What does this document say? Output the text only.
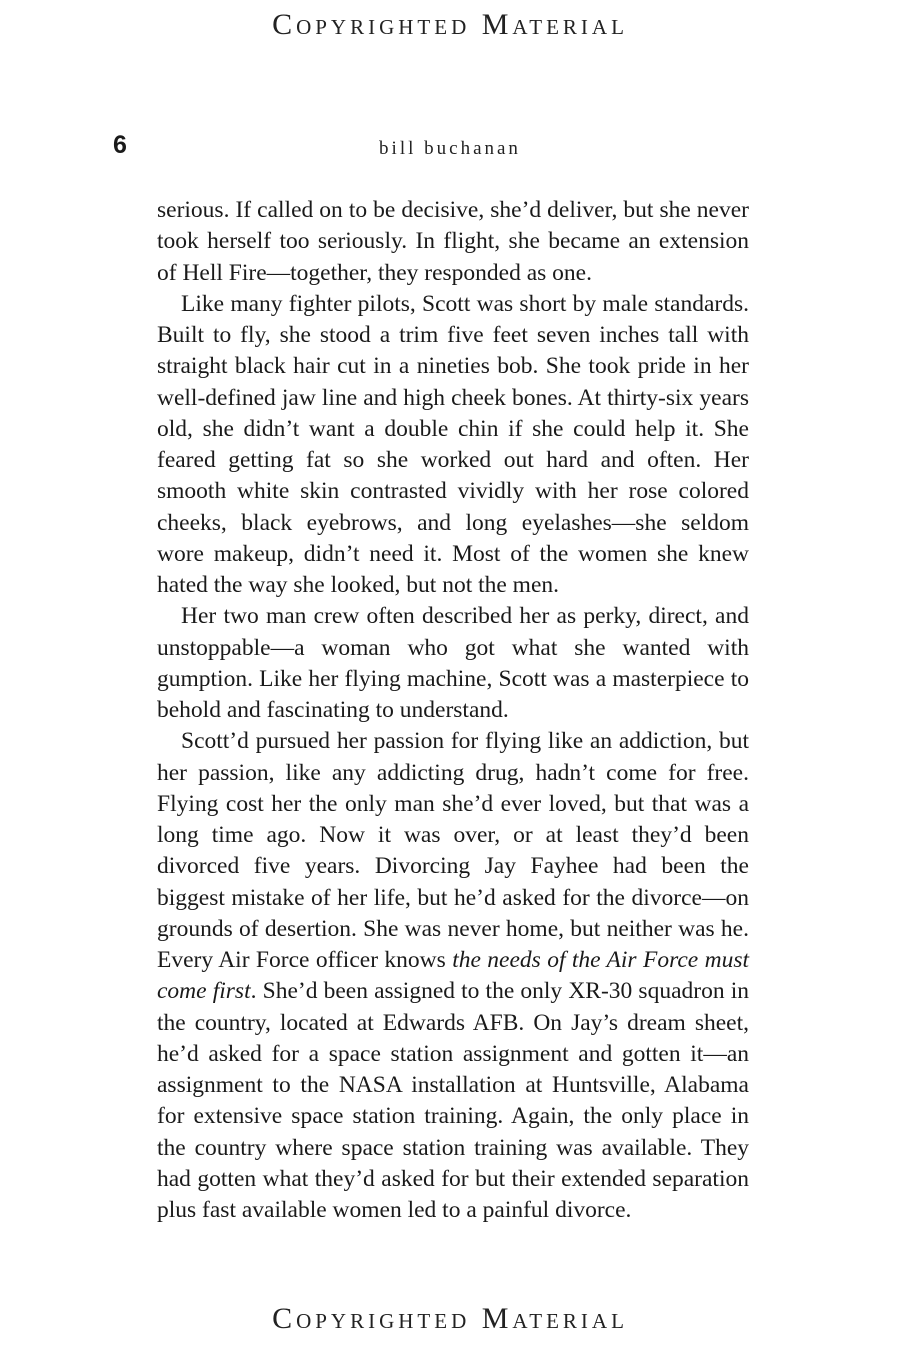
Copyrighted Material
6	bill buchanan

serious. If called on to be decisive, she’d deliver, but she never took herself too seriously. In flight, she became an extension of Hell Fire—together, they responded as one.

Like many fighter pilots, Scott was short by male standards. Built to fly, she stood a trim five feet seven inches tall with straight black hair cut in a nineties bob. She took pride in her well-defined jaw line and high cheek bones. At thirty-six years old, she didn’t want a double chin if she could help it. She feared getting fat so she worked out hard and often. Her smooth white skin contrasted vividly with her rose colored cheeks, black eyebrows, and long eyelashes—she seldom wore makeup, didn’t need it. Most of the women she knew hated the way she looked, but not the men.

Her two man crew often described her as perky, direct, and unstoppable—a woman who got what she wanted with gumption. Like her flying machine, Scott was a masterpiece to behold and fascinating to understand.

Scott’d pursued her passion for flying like an addiction, but her passion, like any addicting drug, hadn’t come for free. Flying cost her the only man she’d ever loved, but that was a long time ago. Now it was over, or at least they’d been divorced five years. Divorcing Jay Fayhee had been the biggest mistake of her life, but he’d asked for the divorce—on grounds of desertion. She was never home, but neither was he. Every Air Force officer knows the needs of the Air Force must come first. She’d been assigned to the only XR-30 squadron in the country, located at Edwards AFB. On Jay’s dream sheet, he’d asked for a space station assignment and gotten it—an assignment to the NASA installation at Huntsville, Alabama for extensive space station training. Again, the only place in the country where space station training was available. They had gotten what they’d asked for but their extended separation plus fast available women led to a painful divorce.

Copyrighted Material
